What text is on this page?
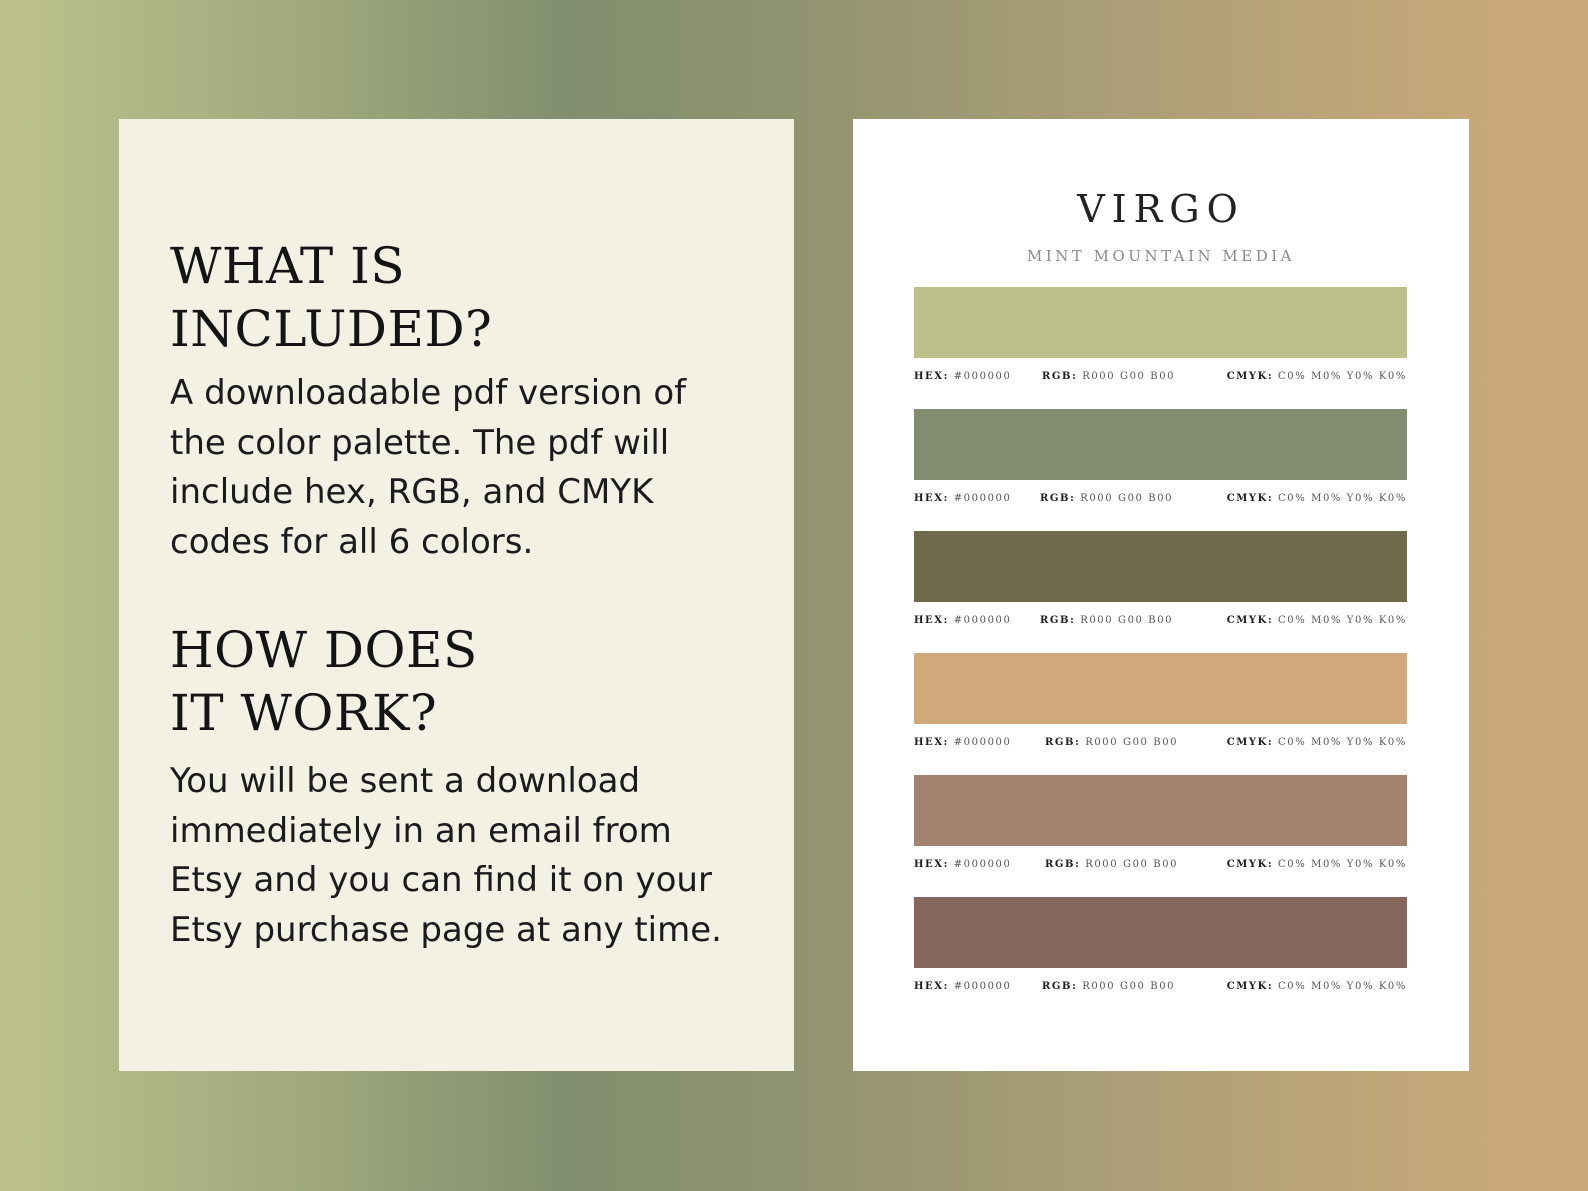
WHAT IS
INCLUDED?

A downloadable pdf version of
the color palette. The pdf will
include hex, RGB, and CMYK
codes for all 6 colors.

HOW DOES
IT WORK?

You will be sent a download
immediately in an email from
Etsy and you can find it on your
Etsy purchase page at any time.

VIRGO

MINT MOUNTAIN MEDIA

HEX: #000000	RGB: R000 G00 B00	CMYK: C0% M0% Y0% K0%
HEX: #000000	RGB: R000 G00 B00	CMYK: C0% M0% Y0% K0%
HEX: #000000	RGB: R000 G00 B00	CMYK: C0% M0% Y0% K0%
HEX: #000000	RGB: R000 G00 B00	CMYK: C0% M0% Y0% K0%
HEX: #000000	RGB: R000 G00 B00	CMYK: C0% M0% Y0% K0%
HEX: #000000	RGB: R000 G00 B00	CMYK: C0% M0% Y0% K0%
